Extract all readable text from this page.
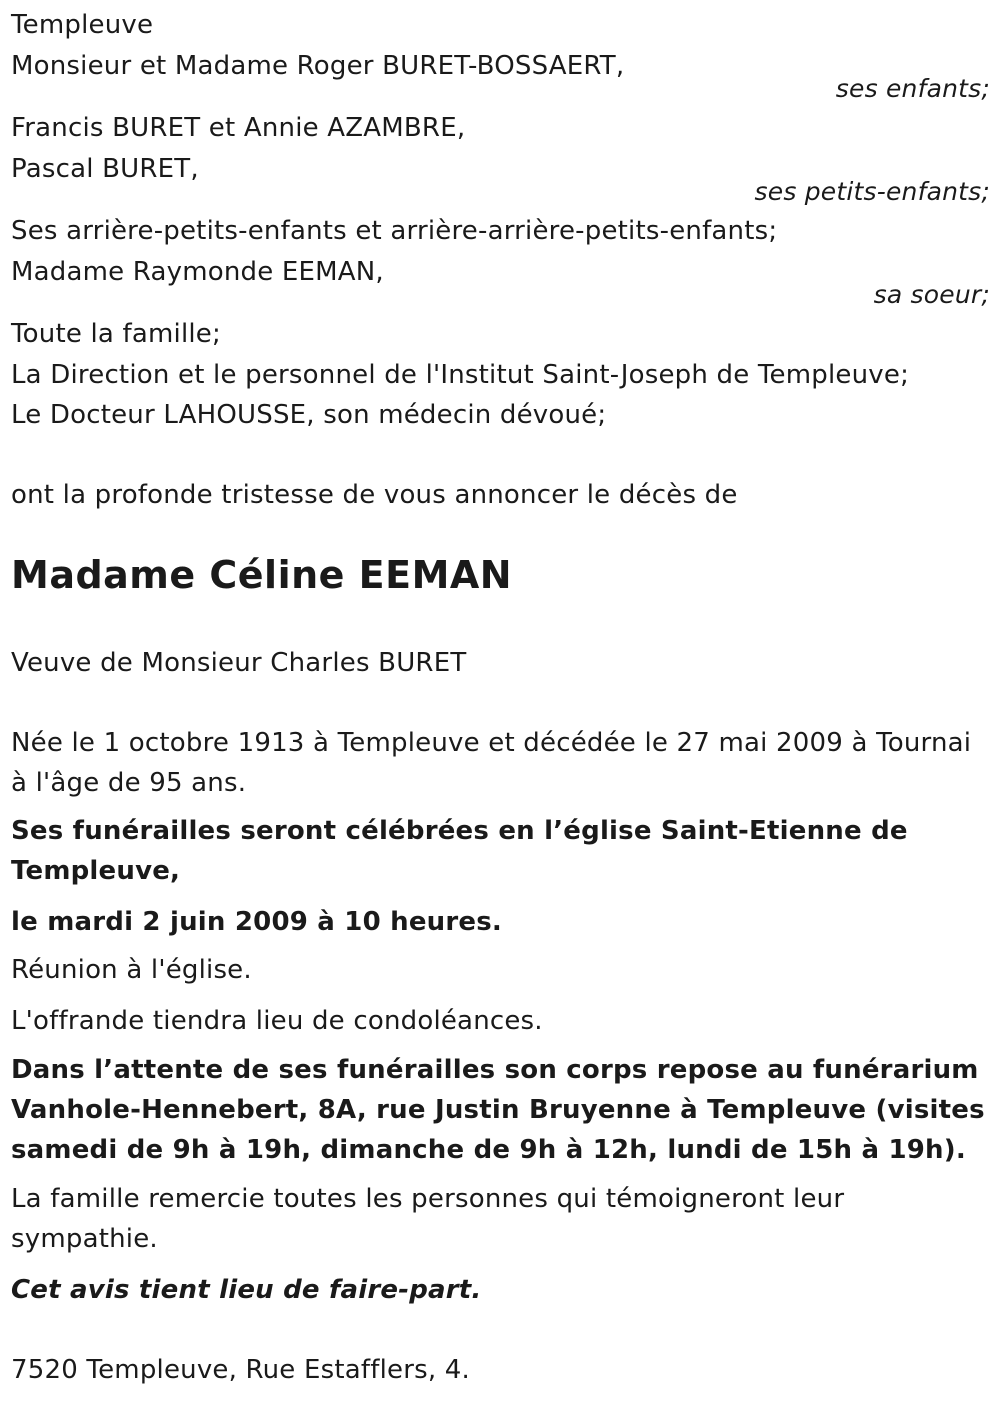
Templeuve
Monsieur et Madame Roger BURET-BOSSAERT,
ses enfants;
Francis BURET et Annie AZAMBRE,
Pascal BURET,
ses petits-enfants;
Ses arrière-petits-enfants et arrière-arrière-petits-enfants;
Madame Raymonde EEMAN,
sa soeur;
Toute la famille;
La Direction et le personnel de l'Institut Saint-Joseph de Templeuve;
Le Docteur LAHOUSSE, son médecin dévoué;
ont la profonde tristesse de vous annoncer le décès de
Madame Céline EEMAN
Veuve de Monsieur Charles BURET
Née le 1 octobre 1913 à Templeuve et décédée le 27 mai 2009 à Tournai à l'âge de 95 ans.
Ses funérailles seront célébrées en l’église Saint-Etienne de Templeuve,
le mardi 2 juin 2009 à 10 heures.
Réunion à l'église.
L'offrande tiendra lieu de condoléances.
Dans l’attente de ses funérailles son corps repose au funérarium Vanhole-Hennebert, 8A, rue Justin Bruyenne à Templeuve (visites samedi de 9h à 19h, dimanche de 9h à 12h, lundi de 15h à 19h).
La famille remercie toutes les personnes qui témoigneront leur sympathie.
Cet avis tient lieu de faire-part.
7520 Templeuve, Rue Estafflers, 4.
